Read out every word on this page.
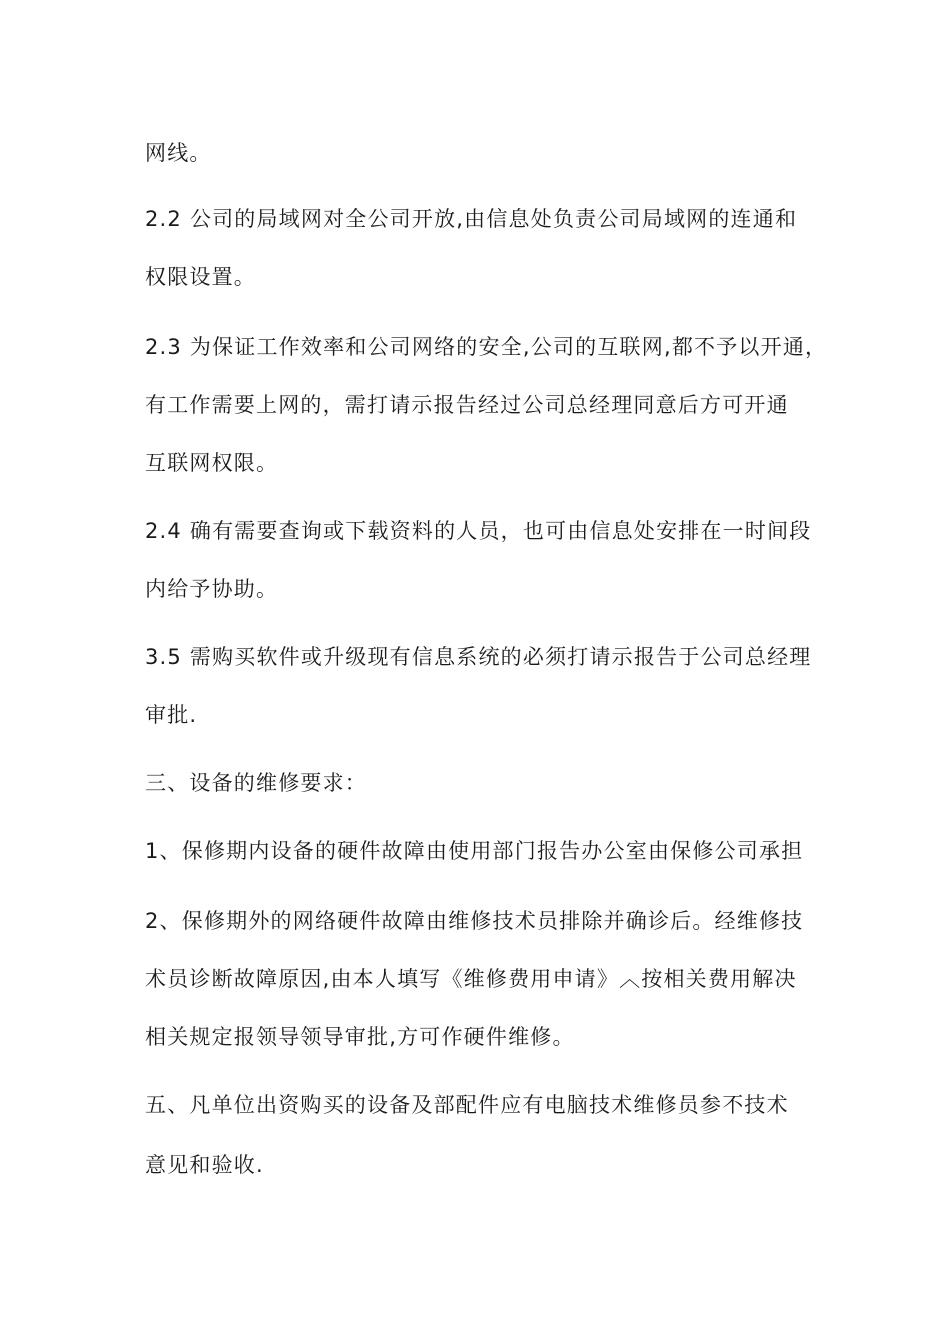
网线。
2.2 公司的局域网对全公司开放,由信息处负责公司局域网的连通和
权限设置。
2.3 为保证工作效率和公司网络的安全,公司的互联网,都不予以开通，
有工作需要上网的，需打请示报告经过公司总经理同意后方可开通
互联网权限。
2.4 确有需要查询或下载资料的人员，也可由信息处安排在一时间段
内给予协助。
3.5 需购买软件或升级现有信息系统的必须打请示报告于公司总经理
审批.
三、设备的维修要求：
1、保修期内设备的硬件故障由使用部门报告办公室由保修公司承担
2、保修期外的网络硬件故障由维修技术员排除并确诊后。经维修技
术员诊断故障原因,由本人填写《维修费用申请》︿按相关费用解决
相关规定报领导领导审批,方可作硬件维修。
五、凡单位出资购买的设备及部配件应有电脑技术维修员参不技术
意见和验收.
